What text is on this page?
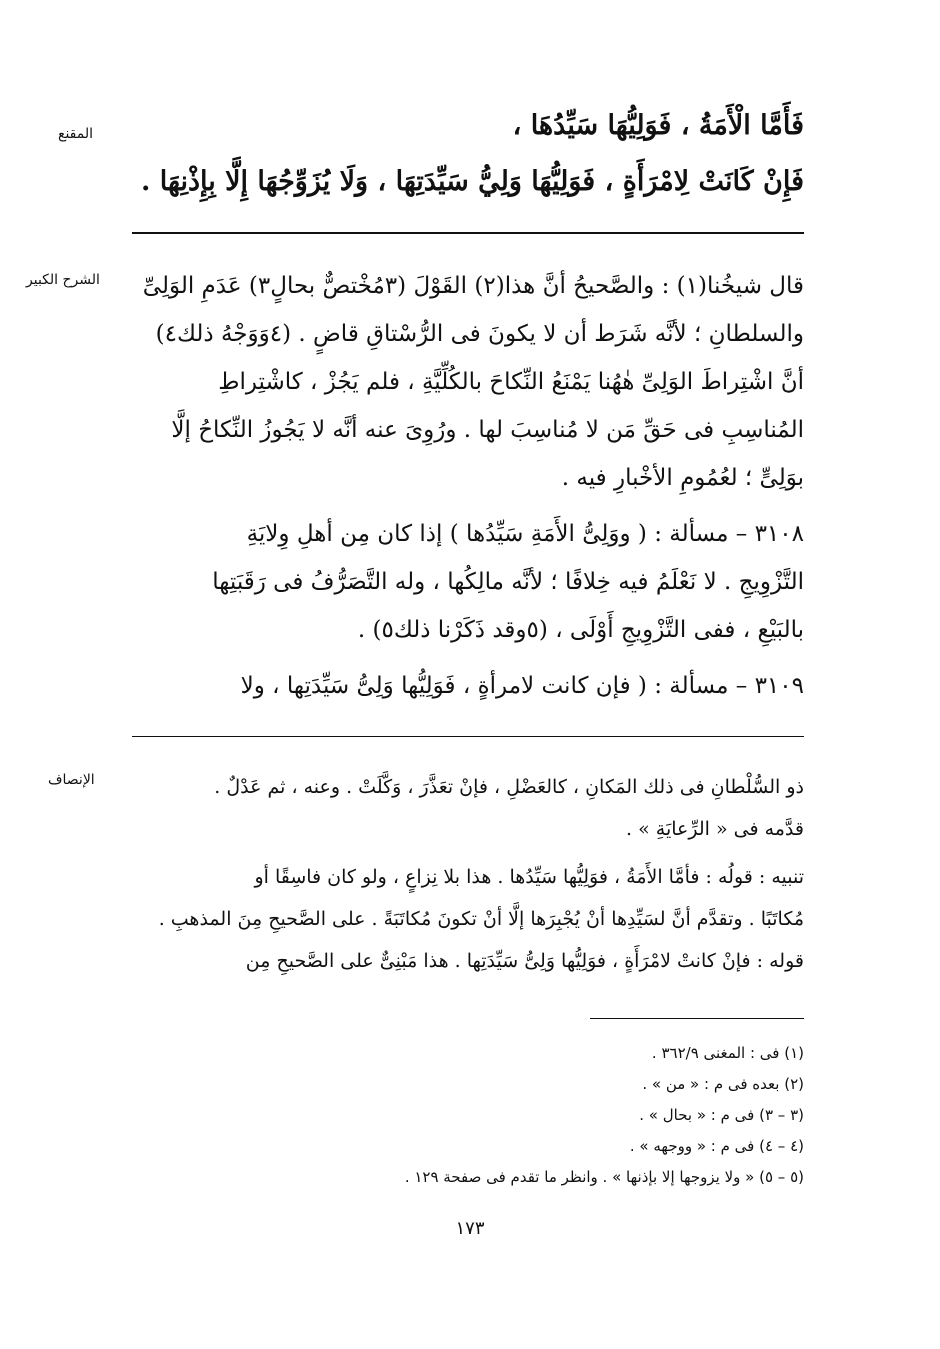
المقنع	فَأَمَّا الْأَمَةُ ، فَوَلِيُّهَا سَيِّدُهَا ،
فَإِنْ كَانَتْ لِامْرَأَةٍ ، فَوَلِيُّهَا وَلِيُّ سَيِّدَتِهَا ، وَلَا يُزَوِّجُهَا إِلَّا بِإِذْنِهَا .
الشرح الكبير	قال شيخُنا(١) : والصَّحيحُ أنَّ هذا(٢) القَوْلَ (٣مُخْتصٌّ بحالٍ٣) عَدَمِ الوَلِىِّ
والسلطانِ ؛ لأنَّه شَرَط أن لا يكونَ فى الرُّسْتاقِ قاضٍ . (٤وَوَجْهُ ذلك٤)
أنَّ اشْتِراطَ الوَلِىِّ هٰهُنا يَمْنَعُ النِّكاحَ بالكُلِّيَّةِ ، فلم يَجُزْ ، كاشْتِراطِ
المُناسِبِ فى حَقِّ مَن لا مُناسِبَ لها . ورُوِىَ عنه أنَّه لا يَجُوزُ النِّكاحُ إلَّا
بوَلِىٍّ ؛ لعُمُومِ الأخْبارِ فيه .
٣١٠٨ – مسألة : ( ووَلِىُّ الأَمَةِ سَيِّدُها ) إذا كان مِن أهلِ وِلايَةِ
التَّزْوِيجِ . لا نَعْلَمُ فيه خِلافًا ؛ لأنَّه مالِكُها ، وله التَّصَرُّفُ فى رَقَبَتِها
بالبَيْعِ ، ففى التَّزْوِيجِ أَوْلَى ، (٥وقد ذَكَرْنا ذلك٥) .
٣١٠٩ – مسألة : ( فإن كانت لامرأةٍ ، فَوَلِيُّها وَلِىُّ سَيِّدَتِها ، ولا
الإنصاف	ذو السُّلْطانِ فى ذلك المَكانِ ، كالعَضْلِ ، فإنْ تعَذَّرَ ، وَكَّلَتْ . وعنه ، ثم عَدْلٌ .
قدَّمه فى « الرِّعايَةِ » .
تنبيه : قولُه : فأمَّا الأَمَةُ ، فوَلِيُّها سَيِّدُها . هذا بلا نِزاعٍ ، ولو كان فاسِقًا أو
مُكاتَبًا . وتقدَّم أنَّ لسَيِّدِها أنْ يُجْبِرَها إلَّا أنْ تكونَ مُكاتَبَةً . على الصَّحيحِ مِنَ المذهبِ .
قوله : فإنْ كانتْ لامْرَأَةٍ ، فوَلِيُّها وَلِىُّ سَيِّدَتِها . هذا مَبْنِىٌّ على الصَّحيحِ مِن
(١) فى : المغنى ٣٦٢/٩ .
(٢) بعده فى م : « من » .
(٣ – ٣) فى م : « بحال » .
(٤ – ٤) فى م : « ووجهه » .
(٥ – ٥) « ولا يزوجها إلا بإذنها » . وانظر ما تقدم فى صفحة ١٢٩ .
١٧٣
